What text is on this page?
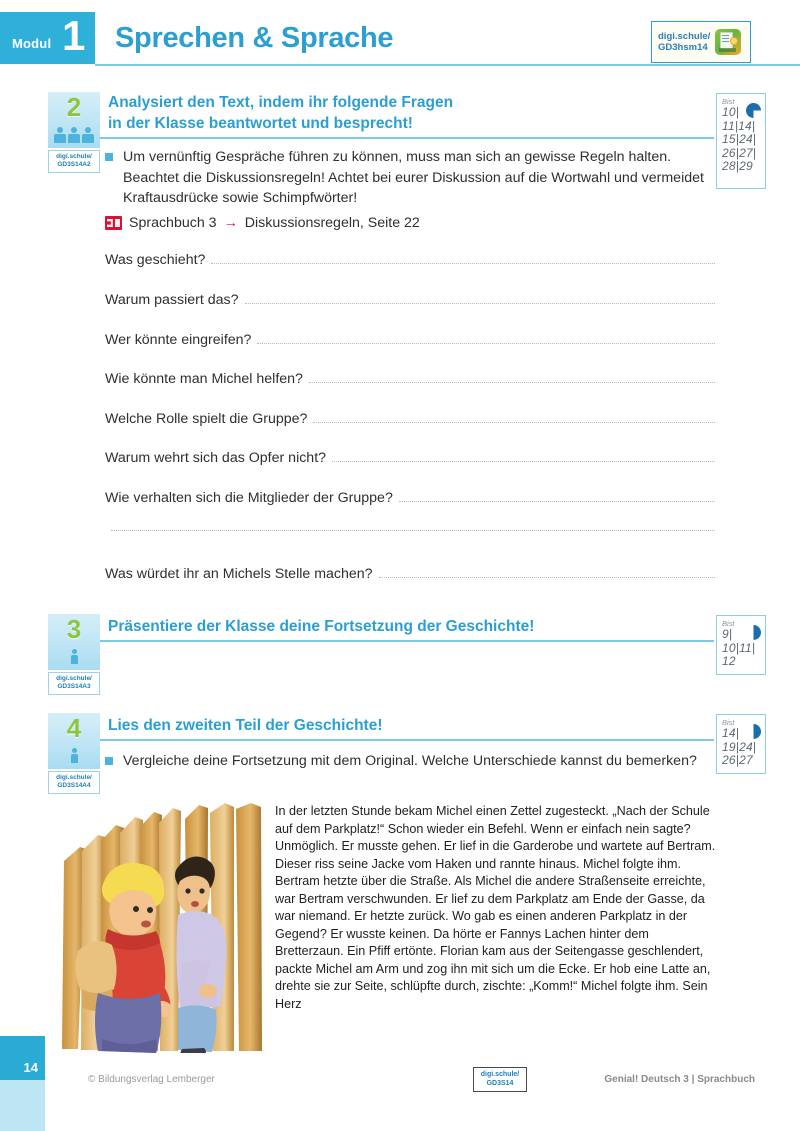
Modul 1 Sprechen & Sprache	digi.schule/
GD3hsm14
2
digi.schule/
GD3S14A2
Analysiert den Text, indem ihr folgende Fragen
in der Klasse beantwortet und besprecht!
Bist
10|
11|14|
15|24|
26|27|
28|29
Um vernünftig Gespräche führen zu können, muss man sich an gewisse Regeln halten. Beachtet die Diskussionsregeln! Achtet bei eurer Diskussion auf die Wortwahl und vermeidet Kraftausdrücke sowie Schimpfwörter!
Sprachbuch 3 → Diskussionsregeln, Seite 22
Was geschieht?
Warum passiert das?
Wer könnte eingreifen?
Wie könnte man Michel helfen?
Welche Rolle spielt die Gruppe?
Warum wehrt sich das Opfer nicht?
Wie verhalten sich die Mitglieder der Gruppe?
Was würdet ihr an Michels Stelle machen?
3
digi.schule/
GD3S14A3
Präsentiere der Klasse deine Fortsetzung der Geschichte!	Bist
9|
10|11|
12
4
digi.schule/
GD3S14A4
Lies den zweiten Teil der Geschichte!	Bist
14|
19|24|
26|27
Vergleiche deine Fortsetzung mit dem Original. Welche Unterschiede kannst du bemerken?

In der letzten Stunde bekam Michel einen Zettel zugesteckt. „Nach der Schule auf dem Parkplatz!“ Schon wieder ein Befehl. Wenn er einfach nein sagte? Unmöglich. Er musste gehen. Er lief in die Garderobe und wartete auf Bertram. Dieser riss seine Jacke vom Haken und rannte hinaus. Michel folgte ihm. Bertram hetzte über die Straße. Als Michel die andere Straßenseite erreichte, war Bertram verschwunden. Er lief zu dem Parkplatz am Ende der Gasse, da war niemand. Er hetzte zurück. Wo gab es einen anderen Parkplatz in der Gegend? Er wusste keinen. Da hörte er Fannys Lachen hinter dem Bretterzaun. Ein Pfiff ertönte. Florian kam aus der Seitengasse geschlendert, packte Michel am Arm und zog ihn mit sich um die Ecke. Er hob eine Latte an, drehte sie zur Seite, schlüpfte durch, zischte: „Komm!“ Michel folgte ihm. Sein Herz

14
© Bildungsverlag Lemberger	digi.schule/
GD3S14	Genial! Deutsch 3 | Sprachbuch
